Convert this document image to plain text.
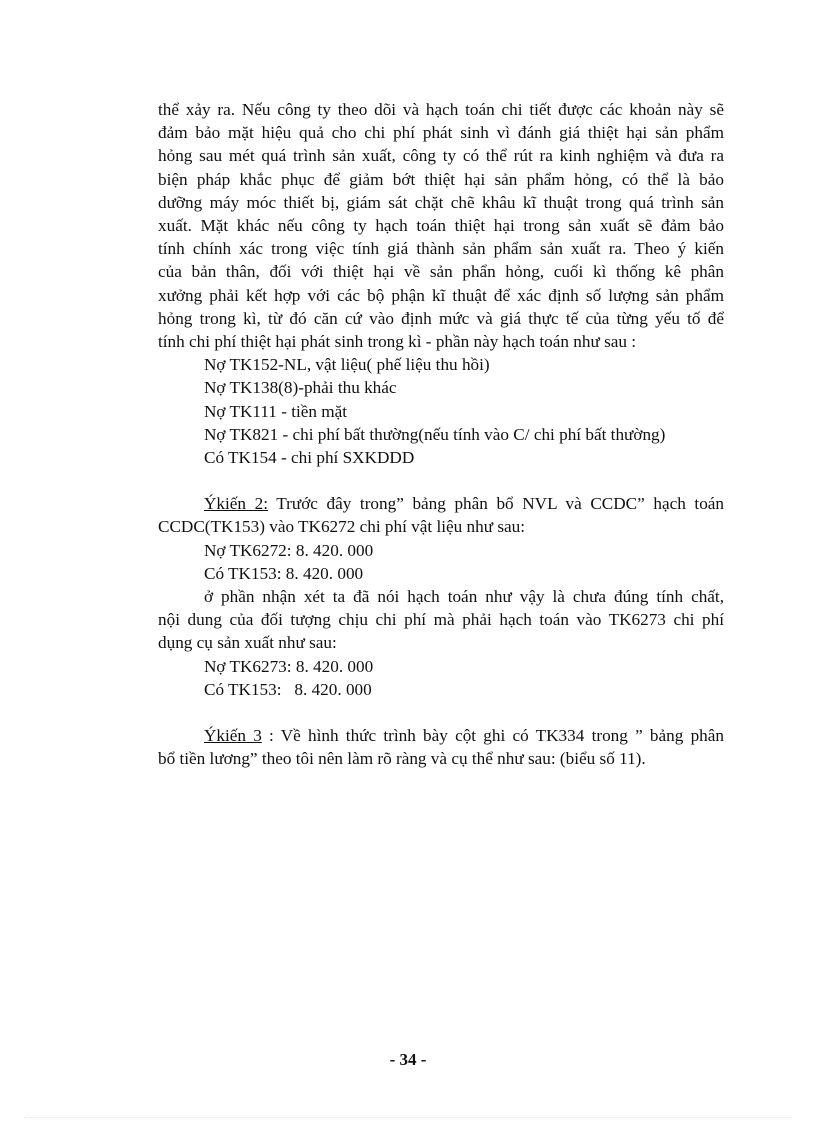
thể xảy ra. Nếu công ty theo dõi và hạch toán chi tiết được các khoản này sẽ
đảm bảo mặt hiệu quả cho chi phí phát sinh vì đánh giá thiệt hại sản phẩm
hỏng sau mét quá trình sản xuất, công ty có thể rút ra kinh nghiệm và đưa ra
biện pháp khắc phục để giảm bớt thiệt hại sản phẩm hỏng, có thể là bảo
dưỡng máy móc thiết bị, giám sát chặt chẽ khâu kĩ thuật trong quá trình sản
xuất. Mặt khác nếu công ty hạch toán thiệt hại trong sản xuất sẽ đảm bảo
tính chính xác trong việc tính giá thành sản phẩm sản xuất ra. Theo ý kiến
của bản thân, đối với thiệt hại về sản phẩn hỏng, cuối kì thống kê phân
xưởng phải kết hợp với các bộ phận kĩ thuật để xác định số lượng sản phẩm
hỏng trong kì, từ đó căn cứ vào định mức và giá thực tế của từng yếu tố để
tính chi phí thiệt hại phát sinh trong kì - phần này hạch toán như sau :
Nợ TK152-NL, vật liệu( phế liệu thu hồi)
Nợ TK138(8)-phải thu khác
Nợ TK111 - tiền mặt
Nợ TK821 - chi phí bất thường(nếu tính vào C/ chi phí bất thường)
Có TK154 - chi phí SXKDDD
Ýkiến 2: Trước đây trong” bảng phân bổ NVL và CCDC” hạch toán
CCDC(TK153) vào TK6272 chi phí vật liệu như sau:
Nợ TK6272: 8. 420. 000
Có TK153: 8. 420. 000
ở phần nhận xét ta đã nói hạch toán như vậy là chưa đúng tính chất,
nội dung của đối tượng chịu chi phí mà phải hạch toán vào TK6273 chi phí
dụng cụ sản xuất như sau:
Nợ TK6273: 8. 420. 000
Có TK153:   8. 420. 000
Ýkiến 3 : Về hình thức trình bày cột ghi có TK334 trong ” bảng phân
bổ tiền lương” theo tôi nên làm rõ ràng và cụ thể như sau: (biểu số 11).
- 34 -
